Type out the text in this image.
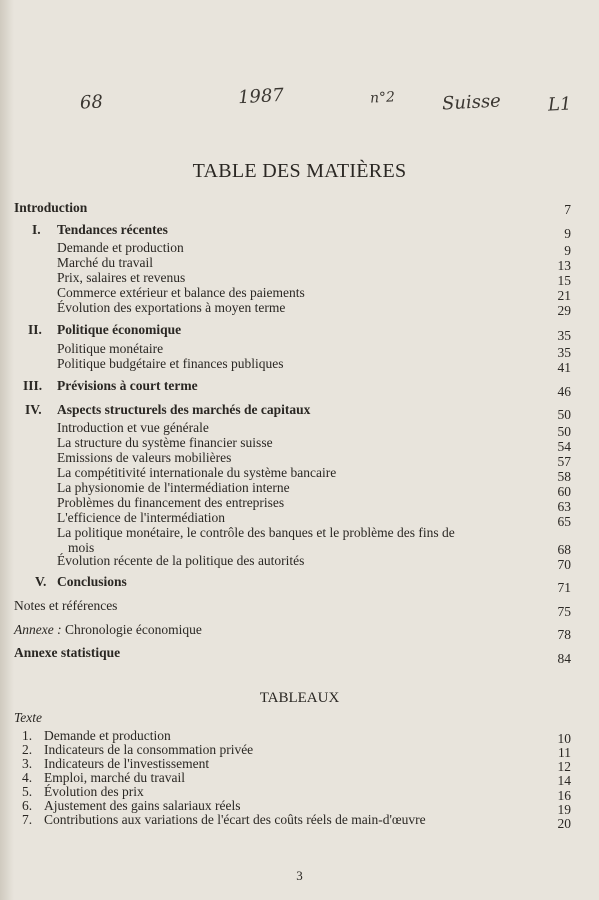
68	1987	n°2	Suisse	L1
TABLE DES MATIÈRES
Introduction	7
I. Tendances récentes	9
Demande et production	9
Marché du travail	13
Prix, salaires et revenus	15
Commerce extérieur et balance des paiements	21
Évolution des exportations à moyen terme	29
II. Politique économique	35
Politique monétaire	35
Politique budgétaire et finances publiques	41
III. Prévisions à court terme	46
IV. Aspects structurels des marchés de capitaux	50
Introduction et vue générale	50
La structure du système financier suisse	54
Emissions de valeurs mobilières	57
La compétitivité internationale du système bancaire	58
La physionomie de l'intermédiation interne	60
Problèmes du financement des entreprises	63
L'efficience de l'intermédiation	65
La politique monétaire, le contrôle des banques et le problème des fins de
mois	68
Évolution récente de la politique des autorités	70
V. Conclusions	71
Notes et références	75
Annexe : Chronologie économique	78
Annexe statistique	84
TABLEAUX
Texte
1. Demande et production	10
2. Indicateurs de la consommation privée	11
3. Indicateurs de l'investissement	12
4. Emploi, marché du travail	14
5. Évolution des prix	16
6. Ajustement des gains salariaux réels	19
7. Contributions aux variations de l'écart des coûts réels de main-d'œuvre	20
3
